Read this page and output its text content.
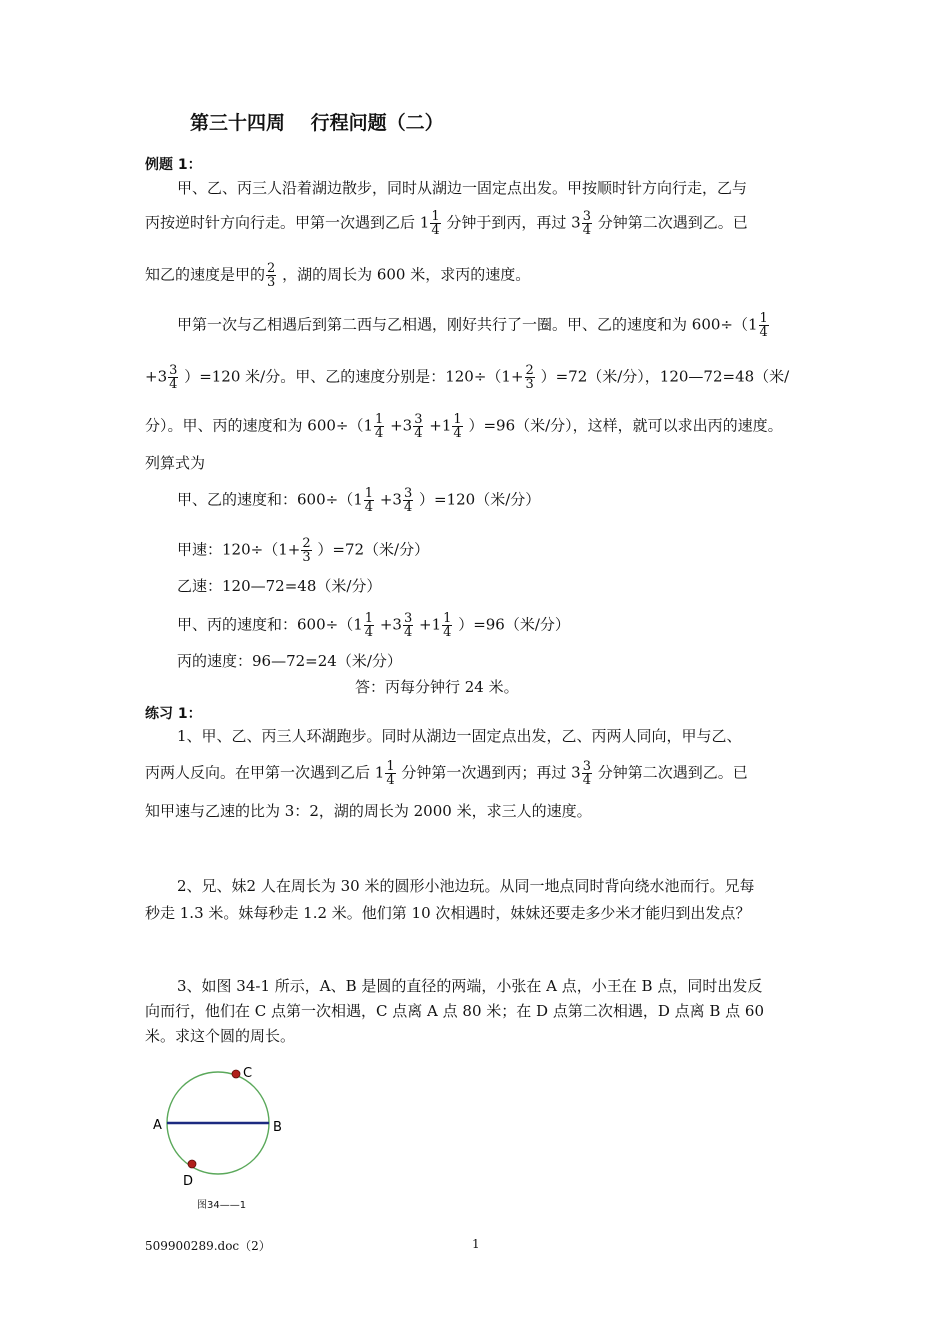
第三十四周　 行程问题（二）
例题 1：
甲、乙、丙三人沿着湖边散步，同时从湖边一固定点出发。甲按顺时针方向行走，乙与
丙按逆时针方向行走。甲第一次遇到乙后 $1 \frac{1}{4}$ 分钟于到丙，再过 $3 \frac{3}{4}$ 分钟第二次遇到乙。已
知乙的速度是甲的 $\frac{2}{3}$ ，湖的周长为 600 米，求丙的速度。
甲第一次与乙相遇后到第二西与乙相遇，刚好共行了一圈。甲、乙的速度和为 $600\div(1 \frac{1}{4}$
$+3 \frac{3}{4} )=120$ 米/分。甲、乙的速度分别是：$120\div(1+ \frac{2}{3} )=72$（米/分），120—72=48（米/
分）。甲、丙的速度和为 $600\div(1 \frac{1}{4} +3 \frac{3}{4} +1 \frac{1}{4} )=96$（米/分），这样，就可以求出丙的速度。
列算式为
甲、乙的速度和：$600\div(1 \frac{1}{4} +3 \frac{3}{4} )=120$（米/分）
甲速：$120\div(1+ \frac{2}{3} )=72$（米/分）
乙速：120—72=48（米/分）
甲、丙的速度和：$600\div(1 \frac{1}{4} +3 \frac{3}{4} +1 \frac{1}{4} )=96$（米/分）
丙的速度：96—72=24（米/分）
答：丙每分钟行 24 米。
练习 1：
1、甲、乙、丙三人环湖跑步。同时从湖边一固定点出发，乙、丙两人同向，甲与乙、
丙两人反向。在甲第一次遇到乙后 $1 \frac{1}{4}$ 分钟第一次遇到丙；再过 $3 \frac{3}{4}$ 分钟第二次遇到乙。已
知甲速与乙速的比为 3：2，湖的周长为 2000 米，求三人的速度。
2、兄、妹2 人在周长为 30 米的圆形小池边玩。从同一地点同时背向绕水池而行。兄每
秒走 1.3 米。妹每秒走 1.2 米。他们第 10 次相遇时，妹妹还要走多少米才能归到出发点？
3、如图 34-1 所示，A、B 是圆的直径的两端，小张在 A 点，小王在 B 点，同时出发反
向而行，他们在 C 点第一次相遇，C 点离 A 点 80 米；在 D 点第二次相遇，D 点离 B 点 60
米。求这个圆的周长。
A	B
C
D
图34——1
509900289.doc（2）	1
